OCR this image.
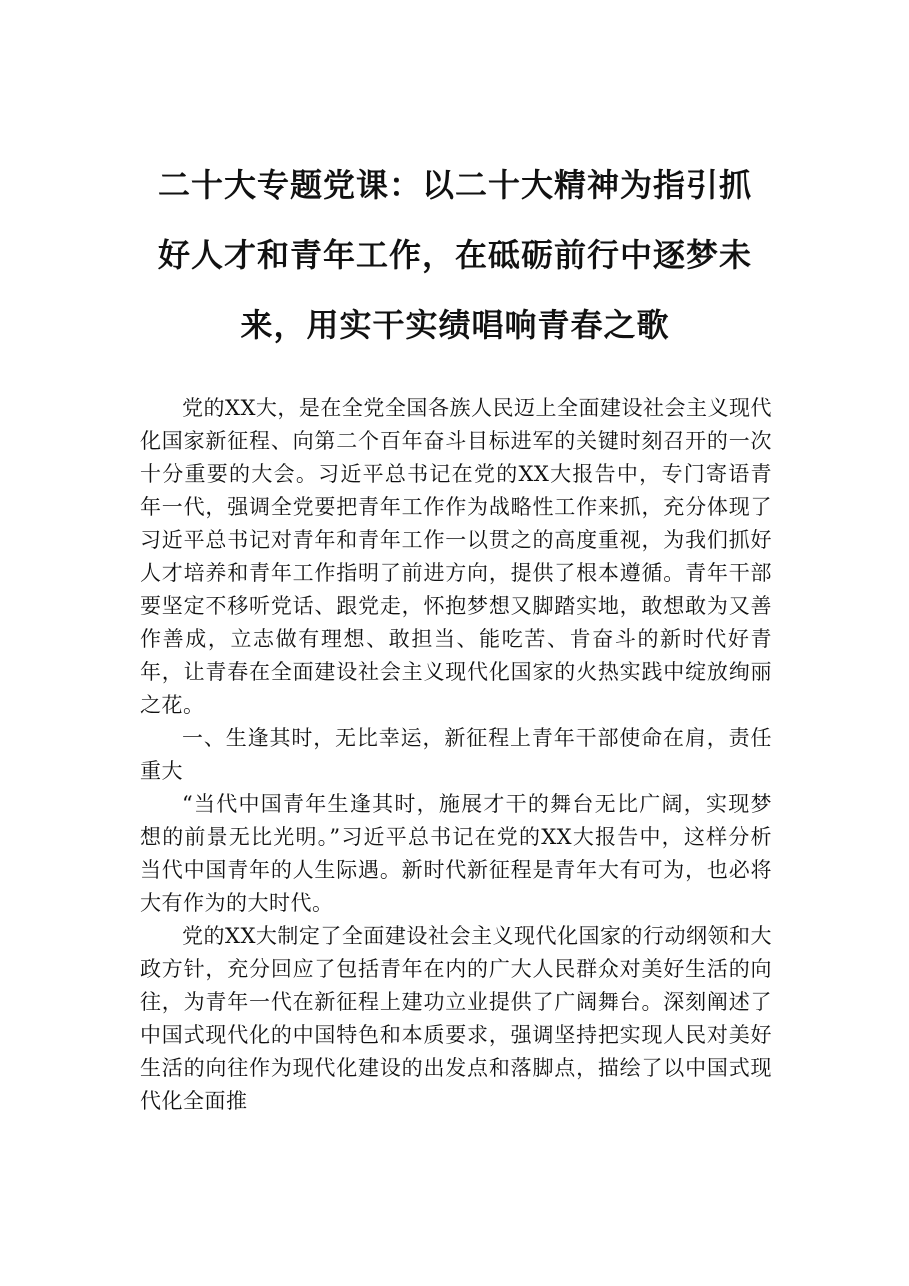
二十大专题党课：以二十大精神为指引抓
好人才和青年工作，在砥砺前行中逐梦未
来，用实干实绩唱响青春之歌

党的XX大，是在全党全国各族人民迈上全面建设社会主义现代化国家新征程、向第二个百年奋斗目标进军的关键时刻召开的一次十分重要的大会。习近平总书记在党的XX大报告中，专门寄语青年一代，强调全党要把青年工作作为战略性工作来抓，充分体现了习近平总书记对青年和青年工作一以贯之的高度重视，为我们抓好人才培养和青年工作指明了前进方向，提供了根本遵循。青年干部要坚定不移听党话、跟党走，怀抱梦想又脚踏实地，敢想敢为又善作善成，立志做有理想、敢担当、能吃苦、肯奋斗的新时代好青年，让青春在全面建设社会主义现代化国家的火热实践中绽放绚丽之花。

一、生逢其时，无比幸运，新征程上青年干部使命在肩，责任重大

“当代中国青年生逢其时，施展才干的舞台无比广阔，实现梦想的前景无比光明。”习近平总书记在党的XX大报告中，这样分析当代中国青年的人生际遇。新时代新征程是青年大有可为，也必将大有作为的大时代。

党的XX大制定了全面建设社会主义现代化国家的行动纲领和大政方针，充分回应了包括青年在内的广大人民群众对美好生活的向往，为青年一代在新征程上建功立业提供了广阔舞台。深刻阐述了中国式现代化的中国特色和本质要求，强调坚持把实现人民对美好生活的向往作为现代化建设的出发点和落脚点，描绘了以中国式现代化全面推
